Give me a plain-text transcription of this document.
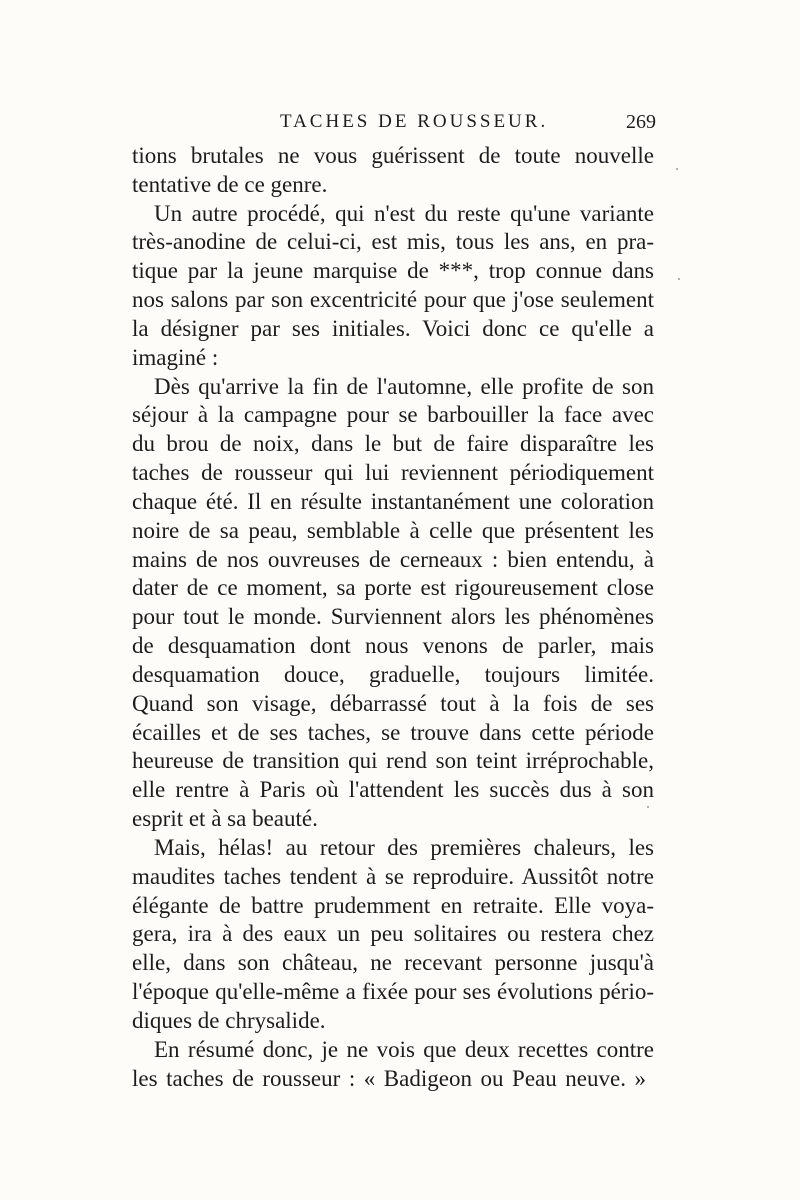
TACHES DE ROUSSEUR.	269
tions brutales ne vous guérissent de toute nouvelle
tentative de ce genre.
Un autre procédé, qui n'est du reste qu'une variante
très-anodine de celui-ci, est mis, tous les ans, en pra-
tique par la jeune marquise de ***, trop connue dans
nos salons par son excentricité pour que j'ose seulement
la désigner par ses initiales. Voici donc ce qu'elle a
imaginé :
Dès qu'arrive la fin de l'automne, elle profite de son
séjour à la campagne pour se barbouiller la face avec
du brou de noix, dans le but de faire disparaître les
taches de rousseur qui lui reviennent périodiquement
chaque été. Il en résulte instantanément une coloration
noire de sa peau, semblable à celle que présentent les
mains de nos ouvreuses de cerneaux : bien entendu, à
dater de ce moment, sa porte est rigoureusement close
pour tout le monde. Surviennent alors les phénomènes
de desquamation dont nous venons de parler, mais
desquamation douce, graduelle, toujours limitée.
Quand son visage, débarrassé tout à la fois de ses
écailles et de ses taches, se trouve dans cette période
heureuse de transition qui rend son teint irréprochable,
elle rentre à Paris où l'attendent les succès dus à son
esprit et à sa beauté.
Mais, hélas! au retour des premières chaleurs, les
maudites taches tendent à se reproduire. Aussitôt notre
élégante de battre prudemment en retraite. Elle voya-
gera, ira à des eaux un peu solitaires ou restera chez
elle, dans son château, ne recevant personne jusqu'à
l'époque qu'elle-même a fixée pour ses évolutions pério-
diques de chrysalide.
En résumé donc, je ne vois que deux recettes contre
les taches de rousseur : « Badigeon ou Peau neuve. »
